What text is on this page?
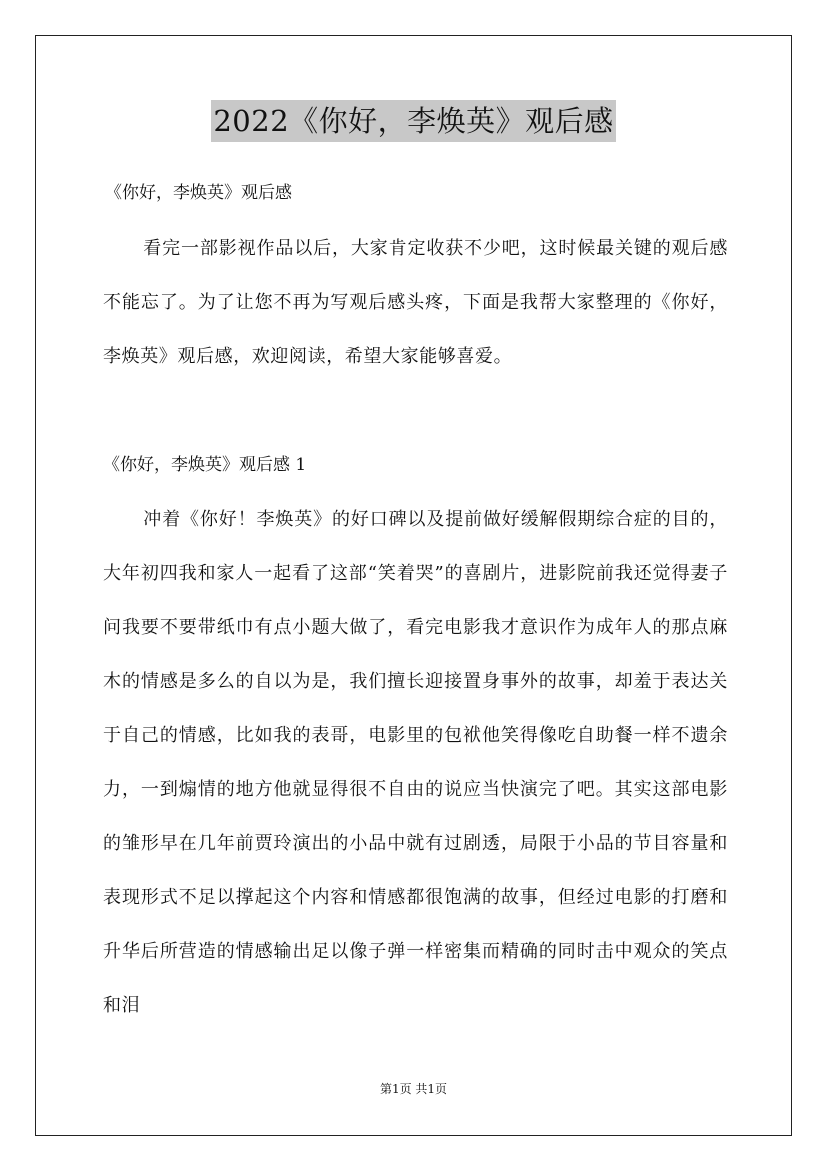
2022《你好，李焕英》观后感
《你好，李焕英》观后感

看完一部影视作品以后，大家肯定收获不少吧，这时候最关键的观后感不能忘了。为了让您不再为写观后感头疼，下面是我帮大家整理的《你好，李焕英》观后感，欢迎阅读，希望大家能够喜爱。

《你好，李焕英》观后感 1

冲着《你好！李焕英》的好口碑以及提前做好缓解假期综合症的目的，大年初四我和家人一起看了这部“笑着哭”的喜剧片，进影院前我还觉得妻子问我要不要带纸巾有点小题大做了，看完电影我才意识作为成年人的那点麻木的情感是多么的自以为是，我们擅长迎接置身事外的故事，却羞于表达关于自己的情感，比如我的表哥，电影里的包袱他笑得像吃自助餐一样不遗余力，一到煽情的地方他就显得很不自由的说应当快演完了吧。其实这部电影的雏形早在几年前贾玲演出的小品中就有过剧透，局限于小品的节目容量和表现形式不足以撑起这个内容和情感都很饱满的故事，但经过电影的打磨和升华后所营造的情感输出足以像子弹一样密集而精确的同时击中观众的笑点和泪

第1页 共1页
